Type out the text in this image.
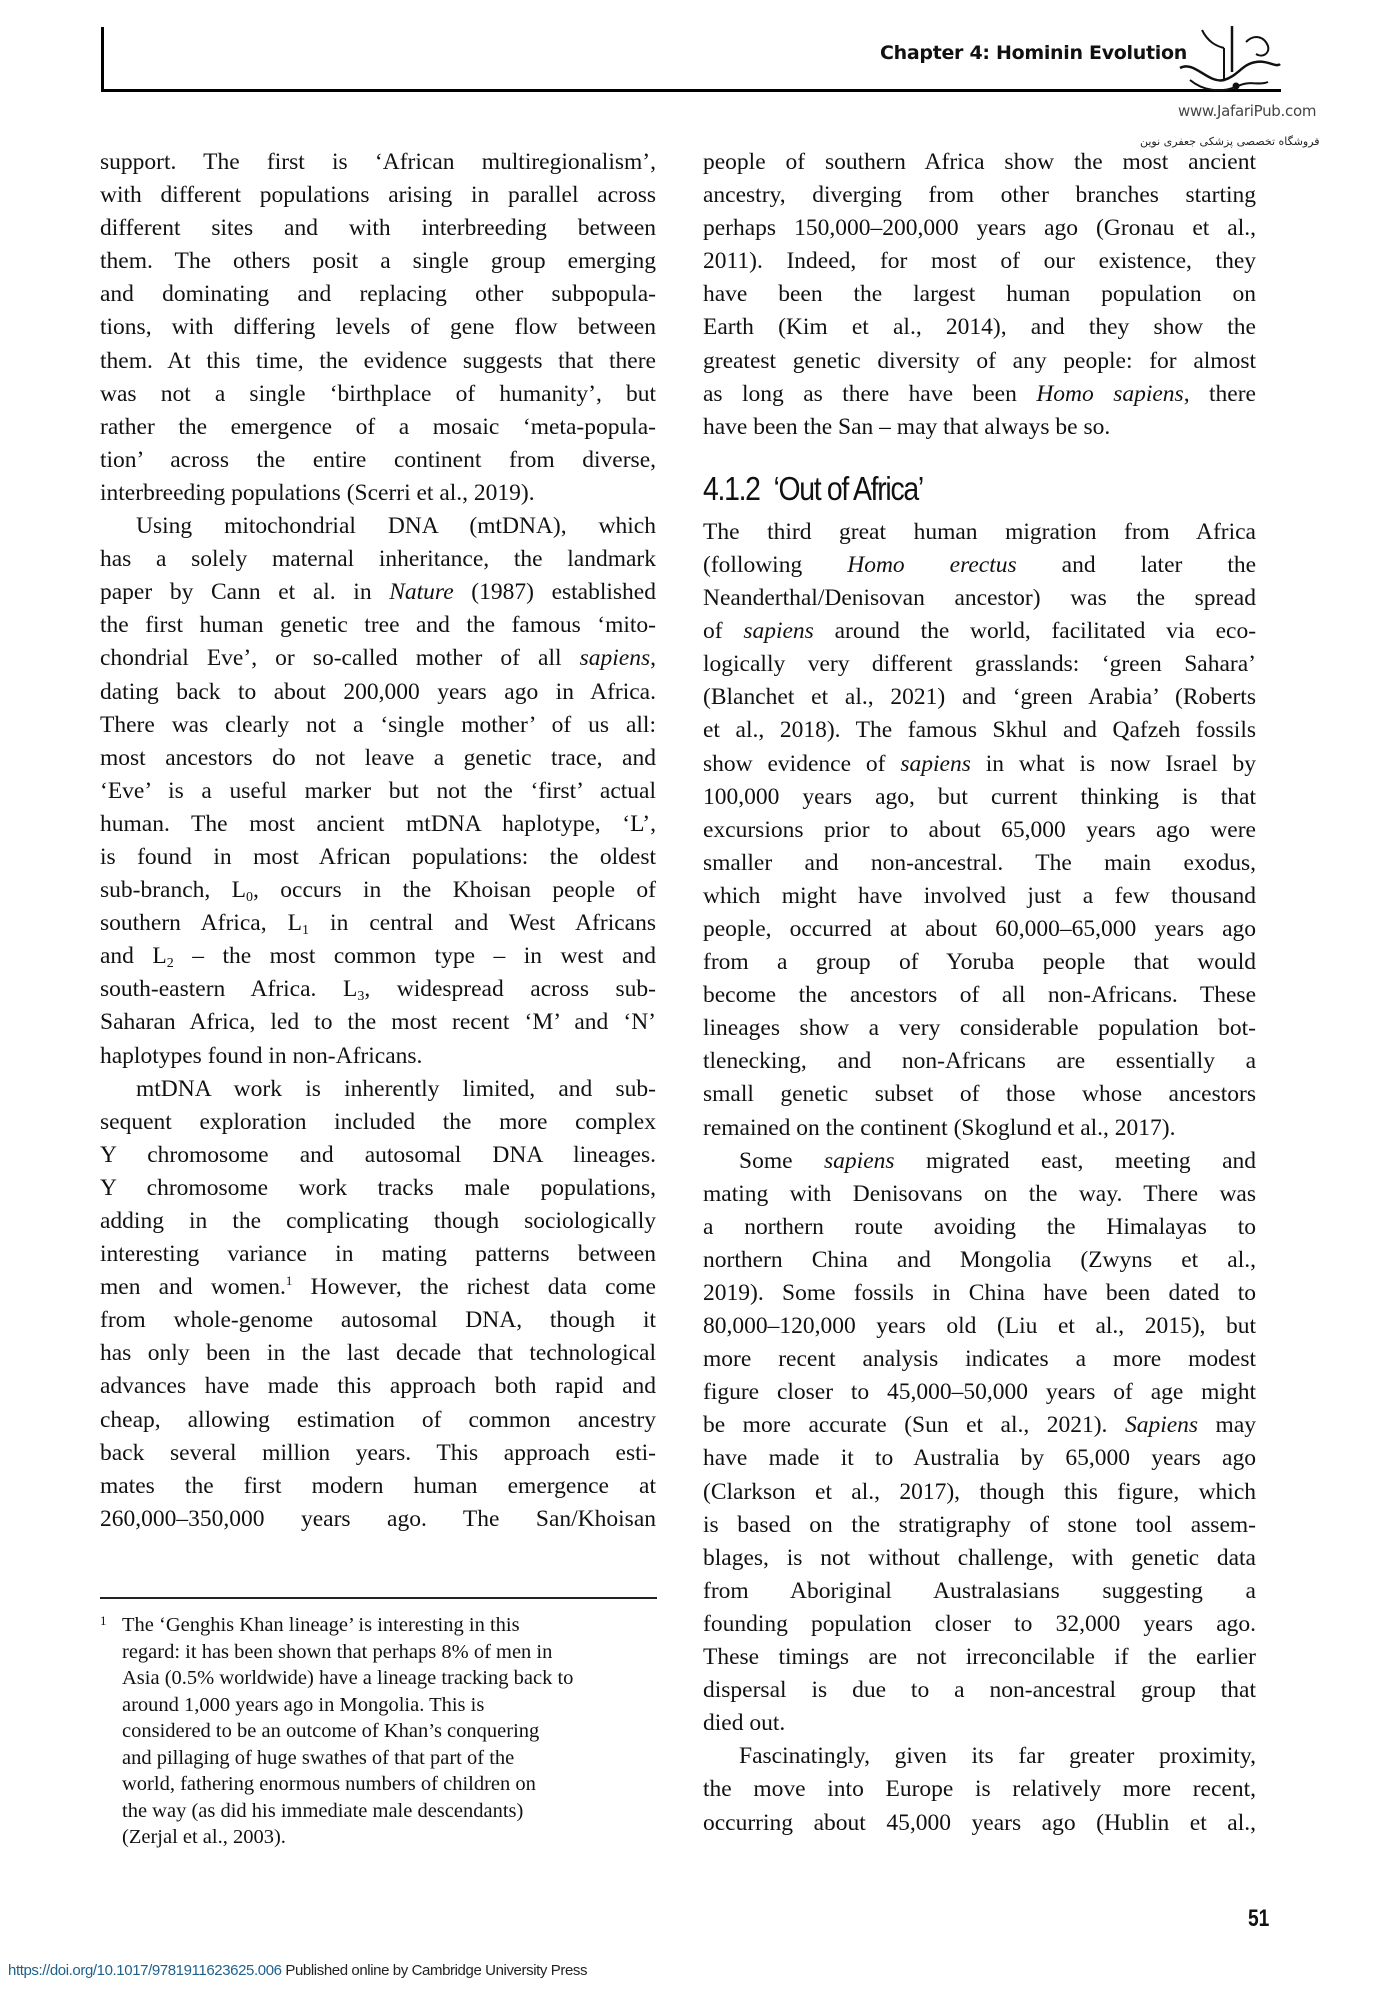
Chapter 4: Hominin Evolution
www.JafariPub.com
فروشگاه تخصصی پزشکی جعفری نوین
support. The first is ‘African multiregionalism’,
with different populations arising in parallel across
different sites and with interbreeding between
them. The others posit a single group emerging
and dominating and replacing other subpopula-
tions, with differing levels of gene flow between
them. At this time, the evidence suggests that there
was not a single ‘birthplace of humanity’, but
rather the emergence of a mosaic ‘meta-popula-
tion’ across the entire continent from diverse,
interbreeding populations (Scerri et al., 2019).
Using mitochondrial DNA (mtDNA), which
has a solely maternal inheritance, the landmark
paper by Cann et al. in Nature (1987) established
the first human genetic tree and the famous ‘mito-
chondrial Eve’, or so-called mother of all sapiens,
dating back to about 200,000 years ago in Africa.
There was clearly not a ‘single mother’ of us all:
most ancestors do not leave a genetic trace, and
‘Eve’ is a useful marker but not the ‘first’ actual
human. The most ancient mtDNA haplotype, ‘L’,
is found in most African populations: the oldest
sub-branch, $L_0$, occurs in the Khoisan people of
southern Africa, $L_1$ in central and West Africans
and $L_2$ – the most common type – in west and
south-eastern Africa. $L_3$, widespread across sub-
Saharan Africa, led to the most recent ‘M’ and ‘N’
haplotypes found in non-Africans.
mtDNA work is inherently limited, and sub-
sequent exploration included the more complex
Y chromosome and autosomal DNA lineages.
Y chromosome work tracks male populations,
adding in the complicating though sociologically
interesting variance in mating patterns between
men and women.$^1$ However, the richest data come
from whole-genome autosomal DNA, though it
has only been in the last decade that technological
advances have made this approach both rapid and
cheap, allowing estimation of common ancestry
back several million years. This approach esti-
mates the first modern human emergence at
260,000–350,000 years ago. The San/Khoisan
1 The ‘Genghis Khan lineage’ is interesting in this
regard: it has been shown that perhaps 8% of men in
Asia (0.5% worldwide) have a lineage tracking back to
around 1,000 years ago in Mongolia. This is
considered to be an outcome of Khan’s conquering
and pillaging of huge swathes of that part of the
world, fathering enormous numbers of children on
the way (as did his immediate male descendants)
(Zerjal et al., 2003).
people of southern Africa show the most ancient
ancestry, diverging from other branches starting
perhaps 150,000–200,000 years ago (Gronau et al.,
2011). Indeed, for most of our existence, they
have been the largest human population on
Earth (Kim et al., 2014), and they show the
greatest genetic diversity of any people: for almost
as long as there have been Homo sapiens, there
have been the San – may that always be so.
4.1.2 ‘Out of Africa’
The third great human migration from Africa
(following Homo erectus and later the
Neanderthal/Denisovan ancestor) was the spread
of sapiens around the world, facilitated via eco-
logically very different grasslands: ‘green Sahara’
(Blanchet et al., 2021) and ‘green Arabia’ (Roberts
et al., 2018). The famous Skhul and Qafzeh fossils
show evidence of sapiens in what is now Israel by
100,000 years ago, but current thinking is that
excursions prior to about 65,000 years ago were
smaller and non-ancestral. The main exodus,
which might have involved just a few thousand
people, occurred at about 60,000–65,000 years ago
from a group of Yoruba people that would
become the ancestors of all non-Africans. These
lineages show a very considerable population bot-
tlenecking, and non-Africans are essentially a
small genetic subset of those whose ancestors
remained on the continent (Skoglund et al., 2017).
Some sapiens migrated east, meeting and
mating with Denisovans on the way. There was
a northern route avoiding the Himalayas to
northern China and Mongolia (Zwyns et al.,
2019). Some fossils in China have been dated to
80,000–120,000 years old (Liu et al., 2015), but
more recent analysis indicates a more modest
figure closer to 45,000–50,000 years of age might
be more accurate (Sun et al., 2021). Sapiens may
have made it to Australia by 65,000 years ago
(Clarkson et al., 2017), though this figure, which
is based on the stratigraphy of stone tool assem-
blages, is not without challenge, with genetic data
from Aboriginal Australasians suggesting a
founding population closer to 32,000 years ago.
These timings are not irreconcilable if the earlier
dispersal is due to a non-ancestral group that
died out.
Fascinatingly, given its far greater proximity,
the move into Europe is relatively more recent,
occurring about 45,000 years ago (Hublin et al.,
51
https://doi.org/10.1017/9781911623625.006 Published online by Cambridge University Press
